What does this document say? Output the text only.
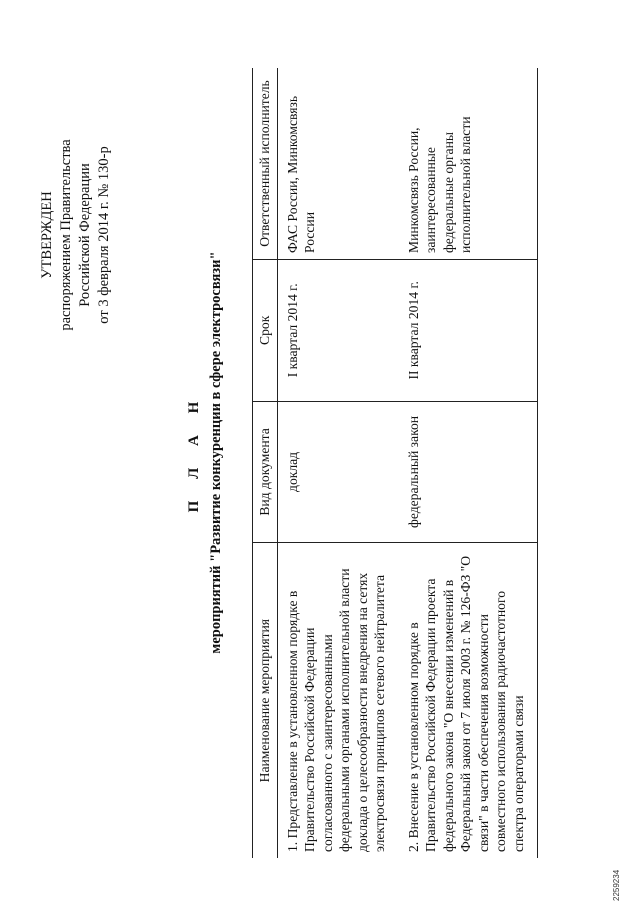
УТВЕРЖДЕН распоряжением Правительства Российской Федерации от 3 февраля 2014 г. № 130-р
П Л А Н мероприятий "Развитие конкуренции в сфере электросвязи"
Наименование мероприятия	Вид документа	Срок	Ответственный исполнитель
1. Представление в установленном порядке в Правительство Российской Федерации согласованного с заинтересованными федеральными органами исполнительной власти доклада о целесообразности внедрения на сетях электросвязи принципов сетевого нейтралитета	доклад	I квартал 2014 г.	ФАС России, Минкомсвязь России
2. Внесение в установленном порядке в Правительство Российской Федерации проекта федерального закона "О внесении изменений в Федеральный закон от 7 июля 2003 г. № 126-ФЗ "О связи" в части обеспечения возможности совместного использования радиочастотного спектра операторами связи	федеральный закон	II квартал 2014 г.	Минкомсвязь России, заинтересованные федеральные органы исполнительной власти
2259234
